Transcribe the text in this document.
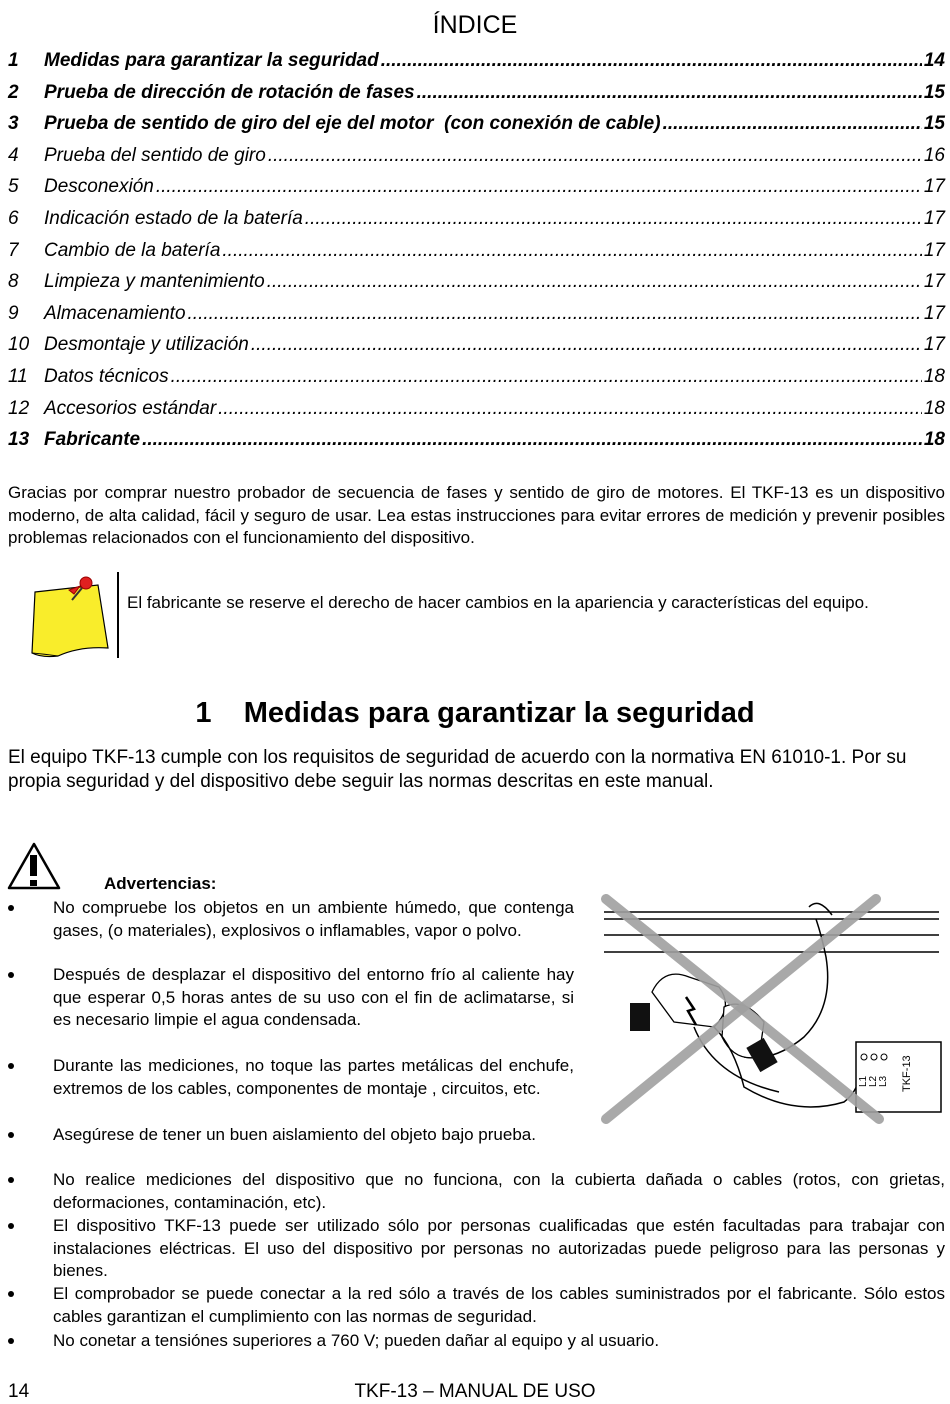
ÍNDICE
1	Medidas para garantizar la seguridad .....	14
2	Prueba de dirección de rotación de fases .....	15
3	Prueba de sentido de giro del eje del motor  (con conexión de cable) .....	15
4	Prueba del sentido de giro .....	16
5	Desconexión .....	17
6	Indicación estado de la batería .....	17
7	Cambio de la batería .....	17
8	Limpieza y mantenimiento .....	17
9	Almacenamiento .....	17
10 Desmontaje y utilización .....	17
11 Datos técnicos .....	18
12 Accesorios estándar .....	18
13 Fabricante .....	18
Gracias por comprar nuestro probador de secuencia de fases y sentido de giro de motores. El TKF-13 es un dispositivo moderno, de alta calidad, fácil y seguro de usar. Lea estas instrucciones para evitar errores de medición y prevenir posibles problemas relacionados con el funcionamiento del dispositivo.
El fabricante se reserve el derecho de hacer cambios en la apariencia y características del equipo.
1    Medidas para garantizar la seguridad
El equipo TKF-13 cumple con los requisitos de seguridad de acuerdo con la normativa EN 61010-1. Por su propia seguridad y del dispositivo debe seguir las normas descritas en este manual.
Advertencias:
L1 L2 L3 TKF-13
No compruebe los objetos en un ambiente húmedo, que contenga gases, (o materiales), explosivos o inflamables, vapor o polvo.
Después de desplazar el dispositivo del entorno frío al caliente hay que esperar 0,5 horas antes de su uso con el fin de aclimatarse, si es necesario limpie el agua condensada.
Durante las mediciones, no toque las partes metálicas del enchufe, extremos de los cables, componentes de montaje , circuitos, etc.
Asegúrese de tener un buen aislamiento del objeto bajo prueba.
No realice mediciones del dispositivo que no funciona, con la cubierta dañada o cables (rotos, con grietas, deformaciones, contaminación, etc).
El dispositivo TKF-13 puede ser utilizado sólo por personas cualificadas que estén facultadas para trabajar con instalaciones eléctricas. El uso del dispositivo por personas no autorizadas puede peligroso para las personas y bienes.
El comprobador se puede conectar a la red sólo a través de los cables suministrados por el fabricante. Sólo estos cables garantizan el cumplimiento con las normas de seguridad.
No conetar a tensiónes superiores a 760 V; pueden dañar al equipo y al usuario.
TKF-13 – MANUAL DE USO
14
